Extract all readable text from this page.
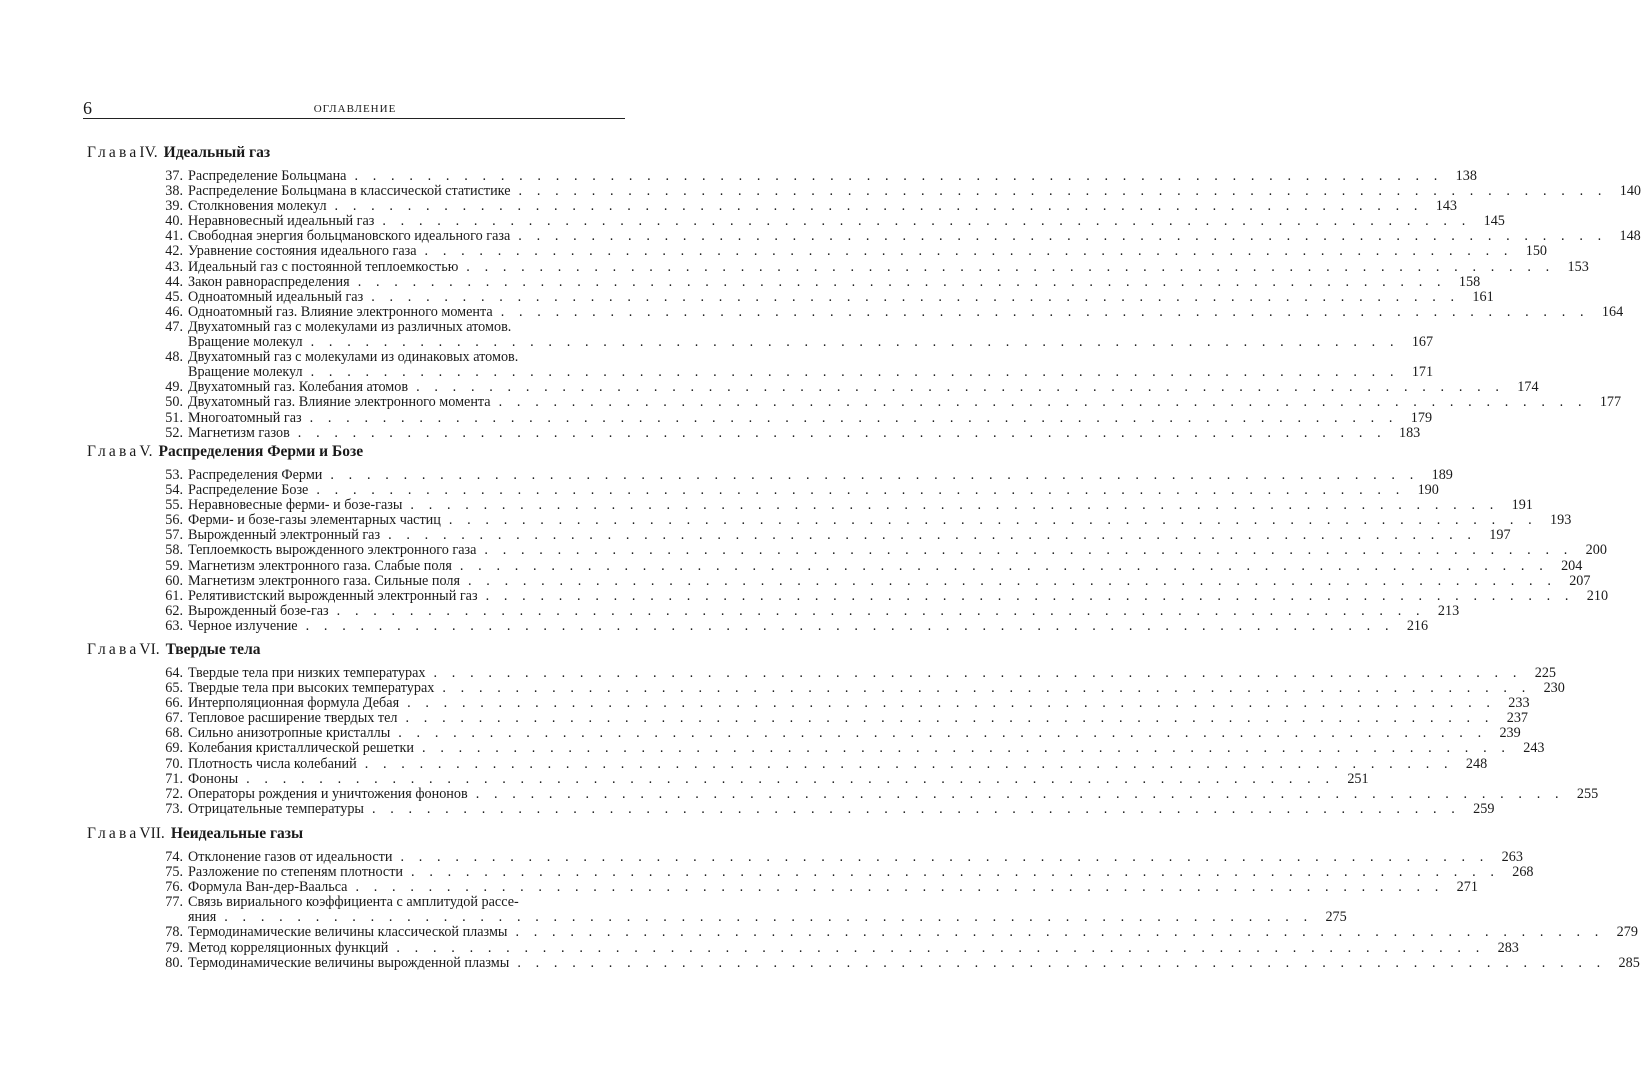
6	ОГЛАВЛЕНИЕ
ГлаваIV. Идеальный газ
37. Распределение Больцмана . . . . . . . . . . . . . . . . . . . . . . . . . . . . . . . . . . . . . . . . . . . . . . . . . . . . . . . . . . . . 138
38. Распределение Больцмана в классической статистике . . . . . . . . . . . . . . . . . . . . . . . . . . . . . . . . . . . . . . . . . . . . . . . . . . . . . . . . . . . . 140
39. Столкновения молекул . . . . . . . . . . . . . . . . . . . . . . . . . . . . . . . . . . . . . . . . . . . . . . . . . . . . . . . . . . . . 143
40. Неравновесный идеальный газ . . . . . . . . . . . . . . . . . . . . . . . . . . . . . . . . . . . . . . . . . . . . . . . . . . . . . . . . . . . . 145
41. Свободная энергия больцмановского идеального газа . . . . . . . . . . . . . . . . . . . . . . . . . . . . . . . . . . . . . . . . . . . . . . . . . . . . . . . . . . . . 148
42. Уравнение состояния идеального газа . . . . . . . . . . . . . . . . . . . . . . . . . . . . . . . . . . . . . . . . . . . . . . . . . . . . . . . . . . . . 150
43. Идеальный газ с постоянной теплоемкостью . . . . . . . . . . . . . . . . . . . . . . . . . . . . . . . . . . . . . . . . . . . . . . . . . . . . . . . . . . . . 153
44. Закон равнораспределения . . . . . . . . . . . . . . . . . . . . . . . . . . . . . . . . . . . . . . . . . . . . . . . . . . . . . . . . . . . . 158
45. Одноатомный идеальный газ . . . . . . . . . . . . . . . . . . . . . . . . . . . . . . . . . . . . . . . . . . . . . . . . . . . . . . . . . . . . 161
46. Одноатомный газ. Влияние электронного момента . . . . . . . . . . . . . . . . . . . . . . . . . . . . . . . . . . . . . . . . . . . . . . . . . . . . . . . . . . . . 164
47. Двухатомный газ с молекулами из различных атомов.
Вращение молекул . . . . . . . . . . . . . . . . . . . . . . . . . . . . . . . . . . . . . . . . . . . . . . . . . . . . . . . . . . . . 167
48. Двухатомный газ с молекулами из одинаковых атомов.
Вращение молекул . . . . . . . . . . . . . . . . . . . . . . . . . . . . . . . . . . . . . . . . . . . . . . . . . . . . . . . . . . . . 171
49. Двухатомный газ. Колебания атомов . . . . . . . . . . . . . . . . . . . . . . . . . . . . . . . . . . . . . . . . . . . . . . . . . . . . . . . . . . . . 174
50. Двухатомный газ. Влияние электронного момента . . . . . . . . . . . . . . . . . . . . . . . . . . . . . . . . . . . . . . . . . . . . . . . . . . . . . . . . . . . . 177
51. Многоатомный газ . . . . . . . . . . . . . . . . . . . . . . . . . . . . . . . . . . . . . . . . . . . . . . . . . . . . . . . . . . . . 179
52. Магнетизм газов . . . . . . . . . . . . . . . . . . . . . . . . . . . . . . . . . . . . . . . . . . . . . . . . . . . . . . . . . . . . 183
ГлаваV. Распределения Ферми и Бозе
53. Распределения Ферми . . . . . . . . . . . . . . . . . . . . . . . . . . . . . . . . . . . . . . . . . . . . . . . . . . . . . . . . . . . . 189
54. Распределение Бозе . . . . . . . . . . . . . . . . . . . . . . . . . . . . . . . . . . . . . . . . . . . . . . . . . . . . . . . . . . . . 190
55. Неравновесные ферми- и бозе-газы . . . . . . . . . . . . . . . . . . . . . . . . . . . . . . . . . . . . . . . . . . . . . . . . . . . . . . . . . . . . 191
56. Ферми- и бозе-газы элементарных частиц . . . . . . . . . . . . . . . . . . . . . . . . . . . . . . . . . . . . . . . . . . . . . . . . . . . . . . . . . . . . 193
57. Вырожденный электронный газ . . . . . . . . . . . . . . . . . . . . . . . . . . . . . . . . . . . . . . . . . . . . . . . . . . . . . . . . . . . . 197
58. Теплоемкость вырожденного электронного газа . . . . . . . . . . . . . . . . . . . . . . . . . . . . . . . . . . . . . . . . . . . . . . . . . . . . . . . . . . . . 200
59. Магнетизм электронного газа. Слабые поля . . . . . . . . . . . . . . . . . . . . . . . . . . . . . . . . . . . . . . . . . . . . . . . . . . . . . . . . . . . . 204
60. Магнетизм электронного газа. Сильные поля . . . . . . . . . . . . . . . . . . . . . . . . . . . . . . . . . . . . . . . . . . . . . . . . . . . . . . . . . . . . 207
61. Релятивистский вырожденный электронный газ . . . . . . . . . . . . . . . . . . . . . . . . . . . . . . . . . . . . . . . . . . . . . . . . . . . . . . . . . . . . 210
62. Вырожденный бозе-газ . . . . . . . . . . . . . . . . . . . . . . . . . . . . . . . . . . . . . . . . . . . . . . . . . . . . . . . . . . . . 213
63. Черное излучение . . . . . . . . . . . . . . . . . . . . . . . . . . . . . . . . . . . . . . . . . . . . . . . . . . . . . . . . . . . . 216
ГлаваVI. Твердые тела
64. Твердые тела при низких температурах . . . . . . . . . . . . . . . . . . . . . . . . . . . . . . . . . . . . . . . . . . . . . . . . . . . . . . . . . . . . 225
65. Твердые тела при высоких температурах . . . . . . . . . . . . . . . . . . . . . . . . . . . . . . . . . . . . . . . . . . . . . . . . . . . . . . . . . . . . 230
66. Интерполяционная формула Дебая . . . . . . . . . . . . . . . . . . . . . . . . . . . . . . . . . . . . . . . . . . . . . . . . . . . . . . . . . . . . 233
67. Тепловое расширение твердых тел . . . . . . . . . . . . . . . . . . . . . . . . . . . . . . . . . . . . . . . . . . . . . . . . . . . . . . . . . . . . 237
68. Сильно анизотропные кристаллы . . . . . . . . . . . . . . . . . . . . . . . . . . . . . . . . . . . . . . . . . . . . . . . . . . . . . . . . . . . . 239
69. Колебания кристаллической решетки . . . . . . . . . . . . . . . . . . . . . . . . . . . . . . . . . . . . . . . . . . . . . . . . . . . . . . . . . . . . 243
70. Плотность числа колебаний . . . . . . . . . . . . . . . . . . . . . . . . . . . . . . . . . . . . . . . . . . . . . . . . . . . . . . . . . . . . 248
71. Фононы . . . . . . . . . . . . . . . . . . . . . . . . . . . . . . . . . . . . . . . . . . . . . . . . . . . . . . . . . . . . 251
72. Операторы рождения и уничтожения фононов . . . . . . . . . . . . . . . . . . . . . . . . . . . . . . . . . . . . . . . . . . . . . . . . . . . . . . . . . . . . 255
73. Отрицательные температуры . . . . . . . . . . . . . . . . . . . . . . . . . . . . . . . . . . . . . . . . . . . . . . . . . . . . . . . . . . . . 259
ГлаваVII. Неидеальные газы
74. Отклонение газов от идеальности . . . . . . . . . . . . . . . . . . . . . . . . . . . . . . . . . . . . . . . . . . . . . . . . . . . . . . . . . . . . 263
75. Разложение по степеням плотности . . . . . . . . . . . . . . . . . . . . . . . . . . . . . . . . . . . . . . . . . . . . . . . . . . . . . . . . . . . . 268
76. Формула Ван-дер-Ваальса . . . . . . . . . . . . . . . . . . . . . . . . . . . . . . . . . . . . . . . . . . . . . . . . . . . . . . . . . . . . 271
77. Связь вириального коэффициента с амплитудой рассе-
яния . . . . . . . . . . . . . . . . . . . . . . . . . . . . . . . . . . . . . . . . . . . . . . . . . . . . . . . . . . . . 275
78. Термодинамические величины классической плазмы . . . . . . . . . . . . . . . . . . . . . . . . . . . . . . . . . . . . . . . . . . . . . . . . . . . . . . . . . . . . 279
79. Метод корреляционных функций . . . . . . . . . . . . . . . . . . . . . . . . . . . . . . . . . . . . . . . . . . . . . . . . . . . . . . . . . . . . 283
80. Термодинамические величины вырожденной плазмы . . . . . . . . . . . . . . . . . . . . . . . . . . . . . . . . . . . . . . . . . . . . . . . . . . . . . . . . . . . . 285
